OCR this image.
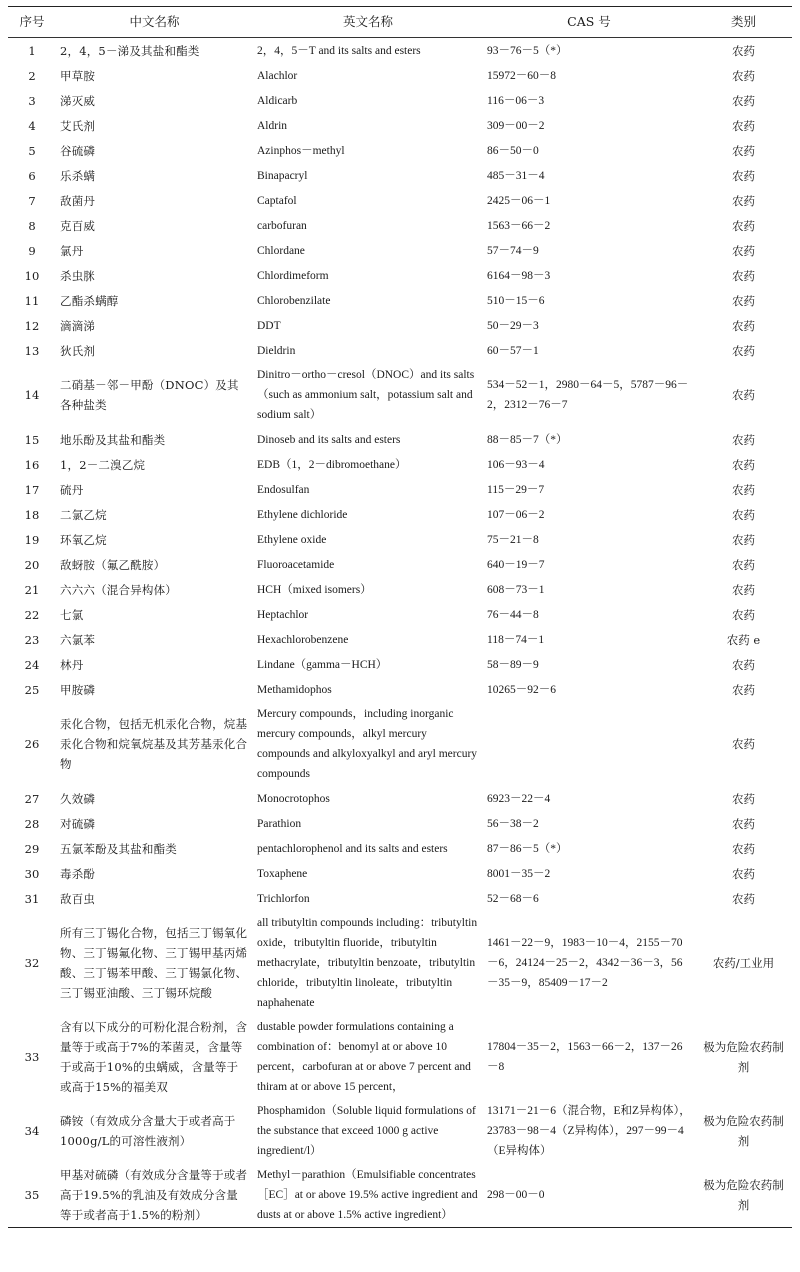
序号	中文名称	英文名称	CAS 号	类别
1	2，4，5－涕及其盐和酯类	2，4，5－T and its salts and esters	93－76－5（*）	农药
2	甲草胺	Alachlor	15972－60－8	农药
3	涕灭威	Aldicarb	116－06－3	农药
4	艾氏剂	Aldrin	309－00－2	农药
5	谷硫磷	Azinphos－methyl	86－50－0	农药
6	乐杀螨	Binapacryl	485－31－4	农药
7	敌菌丹	Captafol	2425－06－1	农药
8	克百威	carbofuran	1563－66－2	农药
9	氯丹	Chlordane	57－74－9	农药
10	杀虫脒	Chlordimeform	6164－98－3	农药
11	乙酯杀螨醇	Chlorobenzilate	510－15－6	农药
12	滴滴涕	DDT	50－29－3	农药
13	狄氏剂	Dieldrin	60－57－1	农药
14	二硝基－邻－甲酚（DNOC）及其各种盐类	Dinitro－ortho－cresol（DNOC）and its salts（such as ammonium salt，potassium salt and sodium salt）	534－52－1，2980－64－5，5787－96－2，2312－76－7	农药
15	地乐酚及其盐和酯类	Dinoseb and its salts and esters	88－85－7（*）	农药
16	1，2－二溴乙烷	EDB（1，2－dibromoethane）	106－93－4	农药
17	硫丹	Endosulfan	115－29－7	农药
18	二氯乙烷	Ethylene dichloride	107－06－2	农药
19	环氧乙烷	Ethylene oxide	75－21－8	农药
20	敌蚜胺（氟乙酰胺）	Fluoroacetamide	640－19－7	农药
21	六六六（混合异构体）	HCH（mixed isomers）	608－73－1	农药
22	七氯	Heptachlor	76－44－8	农药
23	六氯苯	Hexachlorobenzene	118－74－1	农药 e
24	林丹	Lindane（gamma－HCH）	58－89－9	农药
25	甲胺磷	Methamidophos	10265－92－6	农药
26	汞化合物，包括无机汞化合物，烷基汞化合物和烷氧烷基及其芳基汞化合物	Mercury compounds，including inorganic mercury compounds，alkyl mercury compounds and alkyloxyalkyl and aryl mercury compounds		农药
27	久效磷	Monocrotophos	6923－22－4	农药
28	对硫磷	Parathion	56－38－2	农药
29	五氯苯酚及其盐和酯类	pentachlorophenol and its salts and esters	87－86－5（*）	农药
30	毒杀酚	Toxaphene	8001－35－2	农药
31	敌百虫	Trichlorfon	52－68－6	农药
32	所有三丁锡化合物，包括三丁锡氧化物、三丁锡氟化物、三丁锡甲基丙烯酸、三丁锡苯甲酸、三丁锡氯化物、三丁锡亚油酸、三丁锡环烷酸	all tributyltin compounds including：tributyltin oxide，tributyltin fluoride，tributyltin methacrylate，tributyltin benzoate，tributyltin chloride，tributyltin linoleate，tributyltin naphahenate	1461－22－9，1983－10－4，2155－70－6，24124－25－2，4342－36－3，56－35－9，85409－17－2	农药/工业用
33	含有以下成分的可粉化混合粉剂，含量等于或高于7%的苯菌灵，含量等于或高于10%的虫螨威，含量等于或高于15%的福美双	dustable powder formulations containing a combination of：benomyl at or above 10 percent，carbofuran at or above 7 percent and thiram at or above 15 percent，	17804－35－2，1563－66－2，137－26－8	极为危险农药制剂
34	磷铵（有效成分含量大于或者高于1000g/L的可溶性液剂）	Phosphamidon（Soluble liquid formulations of the substance that exceed 1000 g active ingredient/l）	13171－21－6（混合物，E和Z异构体），23783－98－4（Z异构体），297－99－4（E异构体）	极为危险农药制剂
35	甲基对硫磷（有效成分含量等于或者高于19.5%的乳油及有效成分含量等于或者高于1.5%的粉剂）	Methyl－parathion（Emulsifiable concentrates［EC］at or above 19.5% active ingredient and dusts at or above 1.5% active ingredient）	298－00－0	极为危险农药制剂
